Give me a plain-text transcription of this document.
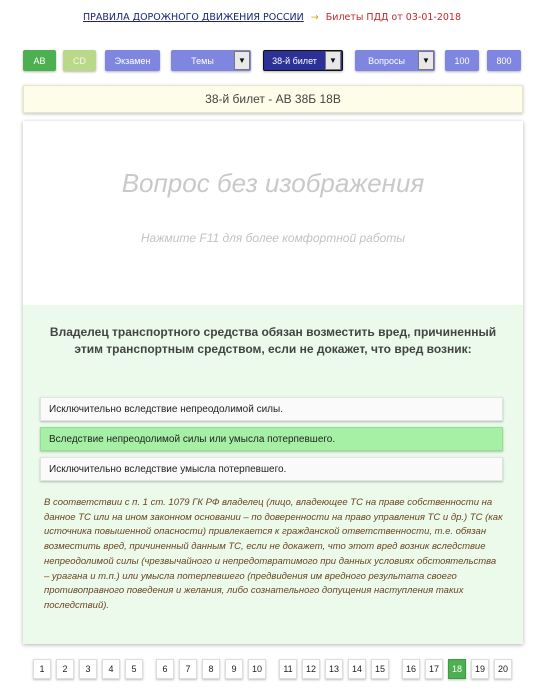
ПРАВИЛА ДОРОЖНОГО ДВИЖЕНИЯ РОССИИ → Билеты ПДД от 03-01-2018
AB	CD	Экзамен	Темы	▼	38-й билет	▼	Вопросы	▼	100	800
38-й билет - АВ 38Б 18В
Вопрос без изображения
Нажмите F11 для более комфортной работы
Владелец транспортного средства обязан возместить вред, причиненный этим транспортным средством, если не докажет, что вред возник:
Исключительно вследствие непреодолимой силы.
Вследствие непреодолимой силы или умысла потерпевшего.
Исключительно вследствие умысла потерпевшего.
В соответствии с п. 1 ст. 1079 ГК РФ владелец (лицо, владеющее ТС на праве собственности на данное ТС или на ином законном основании – по доверенности на право управления ТС и др.) ТС (как источника повышенной опасности) привлекается к гражданской ответственности, т.е. обязан возместить вред, причиненный данным ТС, если не докажет, что этот вред возник вследствие непреодолимой силы (чрезвычайного и непредотвратимого при данных условиях обстоятельства – урагана и т.п.) или умысла потерпевшего (предвидения им вредного результата своего противоправного поведения и желания, либо сознательного допущения наступления таких последствий).
1	2	3	4	5	6	7	8	9	10	11	12	13	14	15	16	17	18	19	20
